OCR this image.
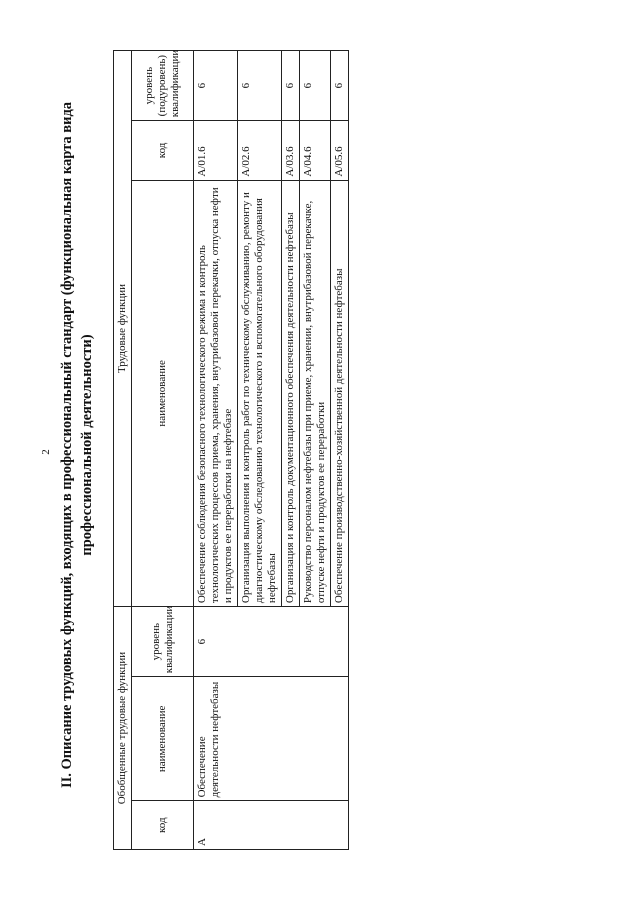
2 II. Описание трудовых функций, входящих в профессиональный стандарт (функциональная карта вида профессиональной деятельности)
Обобщенные трудовые функции			Трудовые функции		
код	наименование	уровень квалификации	наименование	код	уровень (подуровень) квалификации
А	Обеспечение деятельности нефтебазы	6	Обеспечение соблюдения безопасного технологического режима и контроль технологических процессов приема, хранения, внутрибазовой перекачки, отпуска нефти и продуктов ее переработки на нефтебазе	A/01.6	6
			Организация выполнения и контроль работ по техническому обслуживанию, ремонту и диагностическому обследованию технологического и вспомогательного оборудования нефтебазы	A/02.6	6
			Организация и контроль документационного обеспечения деятельности нефтебазы	A/03.6	6
			Руководство персоналом нефтебазы при приеме, хранении, внутрибазовой перекачке, отпуске нефти и продуктов ее переработки	A/04.6	6
			Обеспечение производственно-хозяйственной деятельности нефтебазы	A/05.6	6
